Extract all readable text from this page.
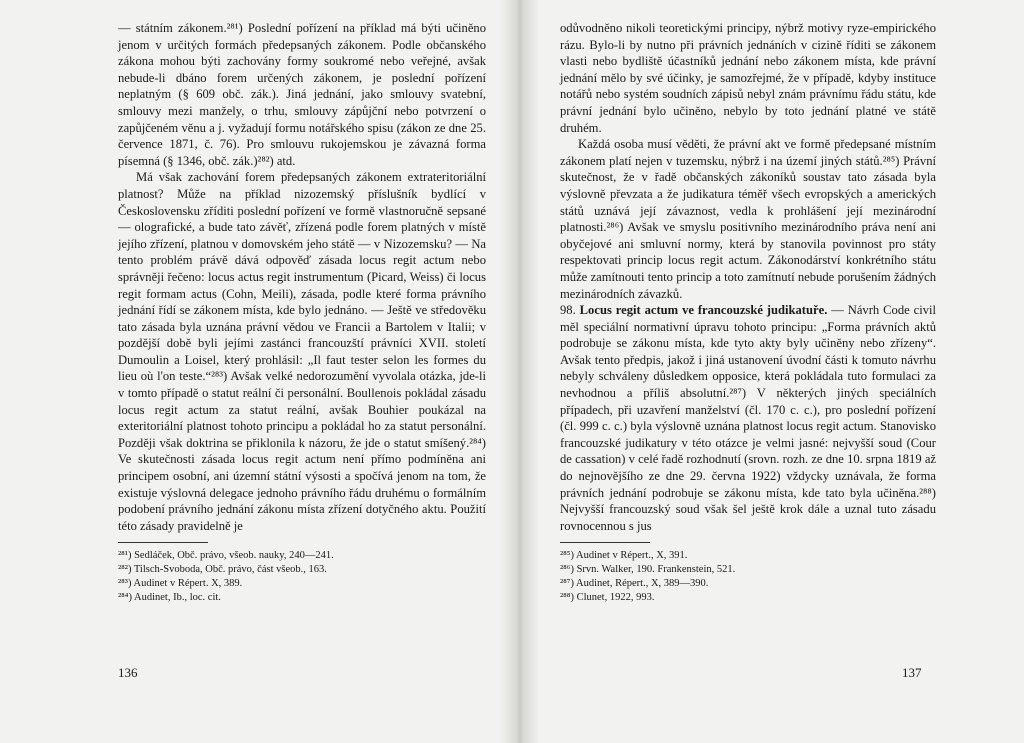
— státním zákonem.²⁸¹) Poslední pořízení na příklad má býti učiněno jenom v určitých formách předepsaných zákonem. Podle občanského zákona mohou býti zachovány formy soukromé nebo veřejné, avšak nebude-li dbáno forem určených zákonem, je poslední pořízení neplatným (§ 609 obč. zák.). Jiná jednání, jako smlouvy svatební, smlouvy mezi manžely, o trhu, smlouvy zápůjční nebo potvrzení o zapůjčeném věnu a j. vyžadují formu notářského spisu (zákon ze dne 25. července 1871, č. 76). Pro smlouvu rukojemskou je závazná forma písemná (§ 1346, obč. zák.)²⁸²) atd.

Má však zachování forem předepsaných zákonem extrateritoriální platnost? Může na příklad nizozemský příslušník bydlící v Československu zříditi poslední pořízení ve formě vlastnoručně sepsané — olografické, a bude tato závěť, zřízená podle forem platných v místě jejího zřízení, platnou v domovském jeho státě — v Nizozemsku? — Na tento problém právě dává odpověď zásada locus regit actum nebo správněji řečeno: locus actus regit instrumentum (Picard, Weiss) či locus regit formam actus (Cohn, Meili), zásada, podle které forma právního jednání řídí se zákonem místa, kde bylo jednáno. — Ještě ve středověku tato zásada byla uznána právní vědou ve Francii a Bartolem v Italii; v pozdější době byli jejími zastánci francouzští právníci XVII. století Dumoulin a Loisel, který prohlásil: „Il faut tester selon les formes du lieu où l'on teste.“²⁸³) Avšak velké nedorozumění vyvolala otázka, jde-li v tomto případě o statut reální či personální. Boullenois pokládal zásadu locus regit actum za statut reální, avšak Bouhier poukázal na exteritoriální platnost tohoto principu a pokládal ho za statut personální. Později však doktrina se přiklonila k názoru, že jde o statut smíšený.²⁸⁴) Ve skutečnosti zásada locus regit actum není přímo podmíněna ani principem osobní, ani územní státní výsosti a spočívá jenom na tom, že existuje výslovná delegace jednoho právního řádu druhému o formálním podobení právního jednání zákonu místa zřízení dotyčného aktu. Použití této zásady pravidelně je

²⁸¹) Sedláček, Obč. právo, všeob. nauky, 240—241.
²⁸²) Tilsch-Svoboda, Obč. právo, část všeob., 163.
²⁸³) Audinet v Répert. X, 389.
²⁸⁴) Audinet, Ib., loc. cit.
136

odůvodněno nikoli teoretickými principy, nýbrž motivy ryze-empirického rázu. Bylo-li by nutno při právních jednáních v cizině říditi se zákonem vlasti nebo bydliště účastníků jednání nebo zákonem místa, kde právní jednání mělo by své účinky, je samozřejmé, že v případě, kdyby instituce notářů nebo systém soudních zápisů nebyl znám právnímu řádu státu, kde právní jednání bylo učiněno, nebylo by toto jednání platné ve státě druhém.

Každá osoba musí věděti, že právní akt ve formě předepsané místním zákonem platí nejen v tuzemsku, nýbrž i na území jiných států.²⁸⁵) Právní skutečnost, že v řadě občanských zákoníků soustav tato zásada byla výslovně převzata a že judikatura téměř všech evropských a amerických států uznává její závaznost, vedla k prohlášení její mezinárodní platnosti.²⁸⁶) Avšak ve smyslu positivního mezinárodního práva není ani obyčejové ani smluvní normy, která by stanovila povinnost pro státy respektovati princip locus regit actum. Zákonodárství konkrétního státu může zamítnouti tento princip a toto zamítnutí nebude porušením žádných mezinárodních závazků.

98. Locus regit actum ve francouzské judikatuře. — Návrh Code civil měl speciální normativní úpravu tohoto principu: „Forma právních aktů podrobuje se zákonu místa, kde tyto akty byly učiněny nebo zřízeny“. Avšak tento předpis, jakož i jiná ustanovení úvodní části k tomuto návrhu nebyly schváleny důsledkem opposice, která pokládala tuto formulaci za nevhodnou a příliš absolutní.²⁸⁷) V některých jiných speciálních případech, při uzavření manželství (čl. 170 c. c.), pro poslední pořízení (čl. 999 c. c.) byla výslovně uznána platnost locus regit actum. Stanovisko francouzské judikatury v této otázce je velmi jasné: nejvyšší soud (Cour de cassation) v celé řadě rozhodnutí (srovn. rozh. ze dne 10. srpna 1819 až do nejnovějšího ze dne 29. června 1922) vždycky uznávala, že forma právních jednání podrobuje se zákonu místa, kde tato byla učiněna.²⁸⁸) Nejvyšší francouzský soud však šel ještě krok dále a uznal tuto zásadu rovnocennou s jus

²⁸⁵) Audinet v Répert., X, 391.
²⁸⁶) Srvn. Walker, 190. Frankenstein, 521.
²⁸⁷) Audinet, Répert., X, 389—390.
²⁸⁸) Clunet, 1922, 993.
137
